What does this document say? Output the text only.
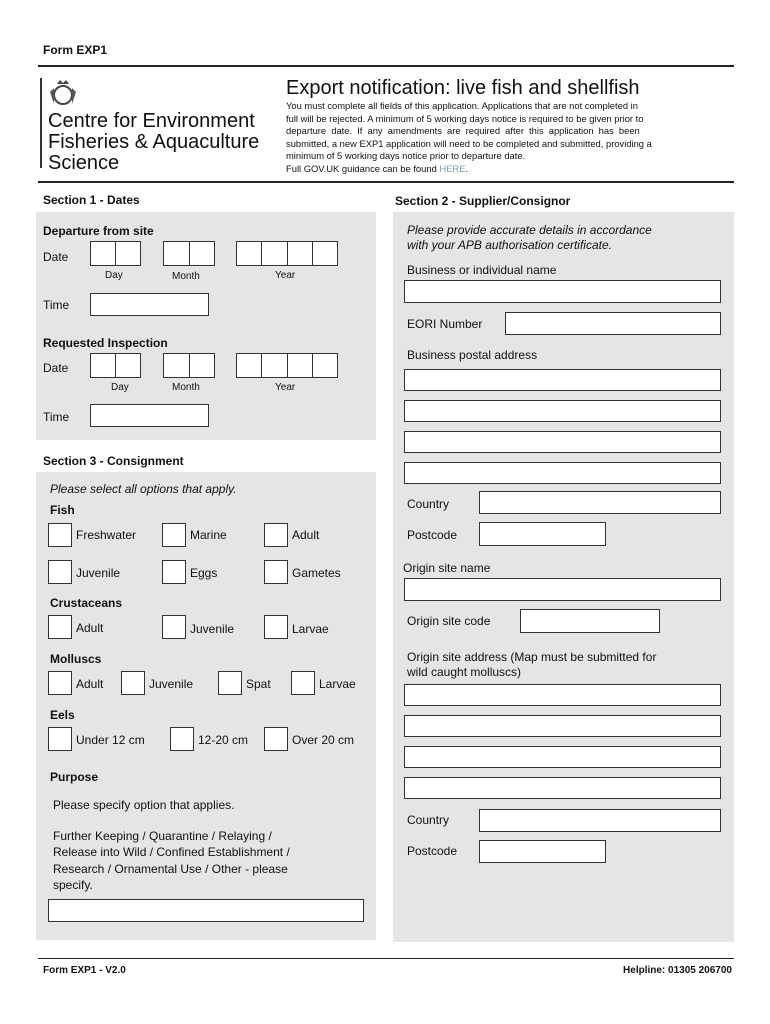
Form EXP1
Centre for Environment
Fisheries & Aquaculture
Science
Export notification: live fish and shellfish
You must complete all fields of this application. Applications that are not completed in
full will be rejected. A minimum of 5 working days notice is required to be given prior to
departure date. If any amendments are required after this application has been
submitted, a new EXP1 application will need to be completed and submitted, providing a
minimum of 5 working days notice prior to departure date.
Full GOV.UK guidance can be found HERE.
Section 1 - Dates
Departure from site
Date
Day	Month	Year
Time
Requested Inspection
Date
Day	Month	Year
Time
Section 2 - Supplier/Consignor
Please provide accurate details in accordance
with your APB authorisation certificate.
Business or individual name
EORI Number
Business postal address
Country
Postcode
Origin site name
Origin site code
Origin site address (Map must be submitted for
wild caught molluscs)
Country
Postcode
Section 3 - Consignment
Please select all options that apply.
Fish
Freshwater	Marine	Adult
Juvenile	Eggs	Gametes
Crustaceans
Adult	Juvenile	Larvae
Molluscs
Adult	Juvenile	Spat	Larvae
Eels
Under 12 cm	12-20 cm	Over 20 cm
Purpose
Please specify option that applies.
Further Keeping / Quarantine / Relaying /
Release into Wild / Confined Establishment /
Research / Ornamental Use / Other - please
specify.
Form EXP1 - V2.0	Helpline: 01305 206700
